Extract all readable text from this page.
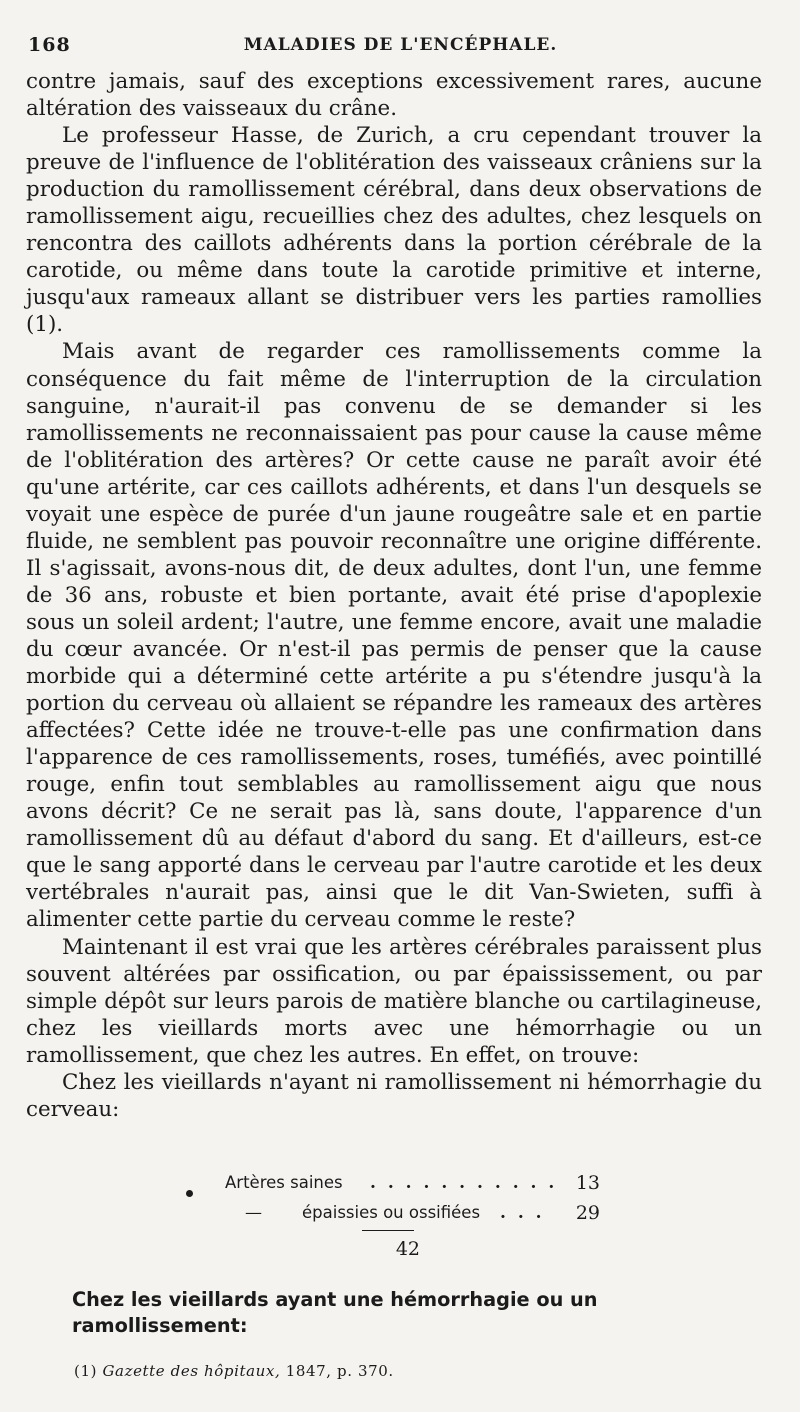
168	MALADIES DE L'ENCÉPHALE.

contre jamais, sauf des exceptions excessivement rares, aucune altération des vaisseaux du crâne.

Le professeur Hasse, de Zurich, a cru cependant trouver la preuve de l'influence de l'oblitération des vaisseaux crâniens sur la production du ramollissement cérébral, dans deux observations de ramollissement aigu, recueillies chez des adultes, chez lesquels on rencontra des caillots adhérents dans la portion cérébrale de la carotide, ou même dans toute la carotide primitive et interne, jusqu'aux rameaux allant se distribuer vers les parties ramollies (1).

Mais avant de regarder ces ramollissements comme la conséquence du fait même de l'interruption de la circulation sanguine, n'aurait-il pas convenu de se demander si les ramollissements ne reconnaissaient pas pour cause la cause même de l'oblitération des artères? Or cette cause ne paraît avoir été qu'une artérite, car ces caillots adhérents, et dans l'un desquels se voyait une espèce de purée d'un jaune rougeâtre sale et en partie fluide, ne semblent pas pouvoir reconnaître une origine différente. Il s'agissait, avons-nous dit, de deux adultes, dont l'un, une femme de 36 ans, robuste et bien portante, avait été prise d'apoplexie sous un soleil ardent; l'autre, une femme encore, avait une maladie du cœur avancée. Or n'est-il pas permis de penser que la cause morbide qui a déterminé cette artérite a pu s'étendre jusqu'à la portion du cerveau où allaient se répandre les rameaux des artères affectées? Cette idée ne trouve-t-elle pas une confirmation dans l'apparence de ces ramollissements, roses, tuméfiés, avec pointillé rouge, enfin tout semblables au ramollissement aigu que nous avons décrit? Ce ne serait pas là, sans doute, l'apparence d'un ramollissement dû au défaut d'abord du sang. Et d'ailleurs, est-ce que le sang apporté dans le cerveau par l'autre carotide et les deux vertébrales n'aurait pas, ainsi que le dit Van-Swieten, suffi à alimenter cette partie du cerveau comme le reste?

Maintenant il est vrai que les artères cérébrales paraissent plus souvent altérées par ossification, ou par épaississement, ou par simple dépôt sur leurs parois de matière blanche ou cartilagineuse, chez les vieillards morts avec une hémorrhagie ou un ramollissement, que chez les autres. En effet, on trouve:

Chez les vieillards n'ayant ni ramollissement ni hémorrhagie du cerveau:

Artères saines . . . . . . . . . . . 13
— épaissies ou ossifiées . . .	29
42
Chez les vieillards ayant une hémorrhagie ou un ramollissement:
(1) Gazette des hôpitaux, 1847, p. 370.
